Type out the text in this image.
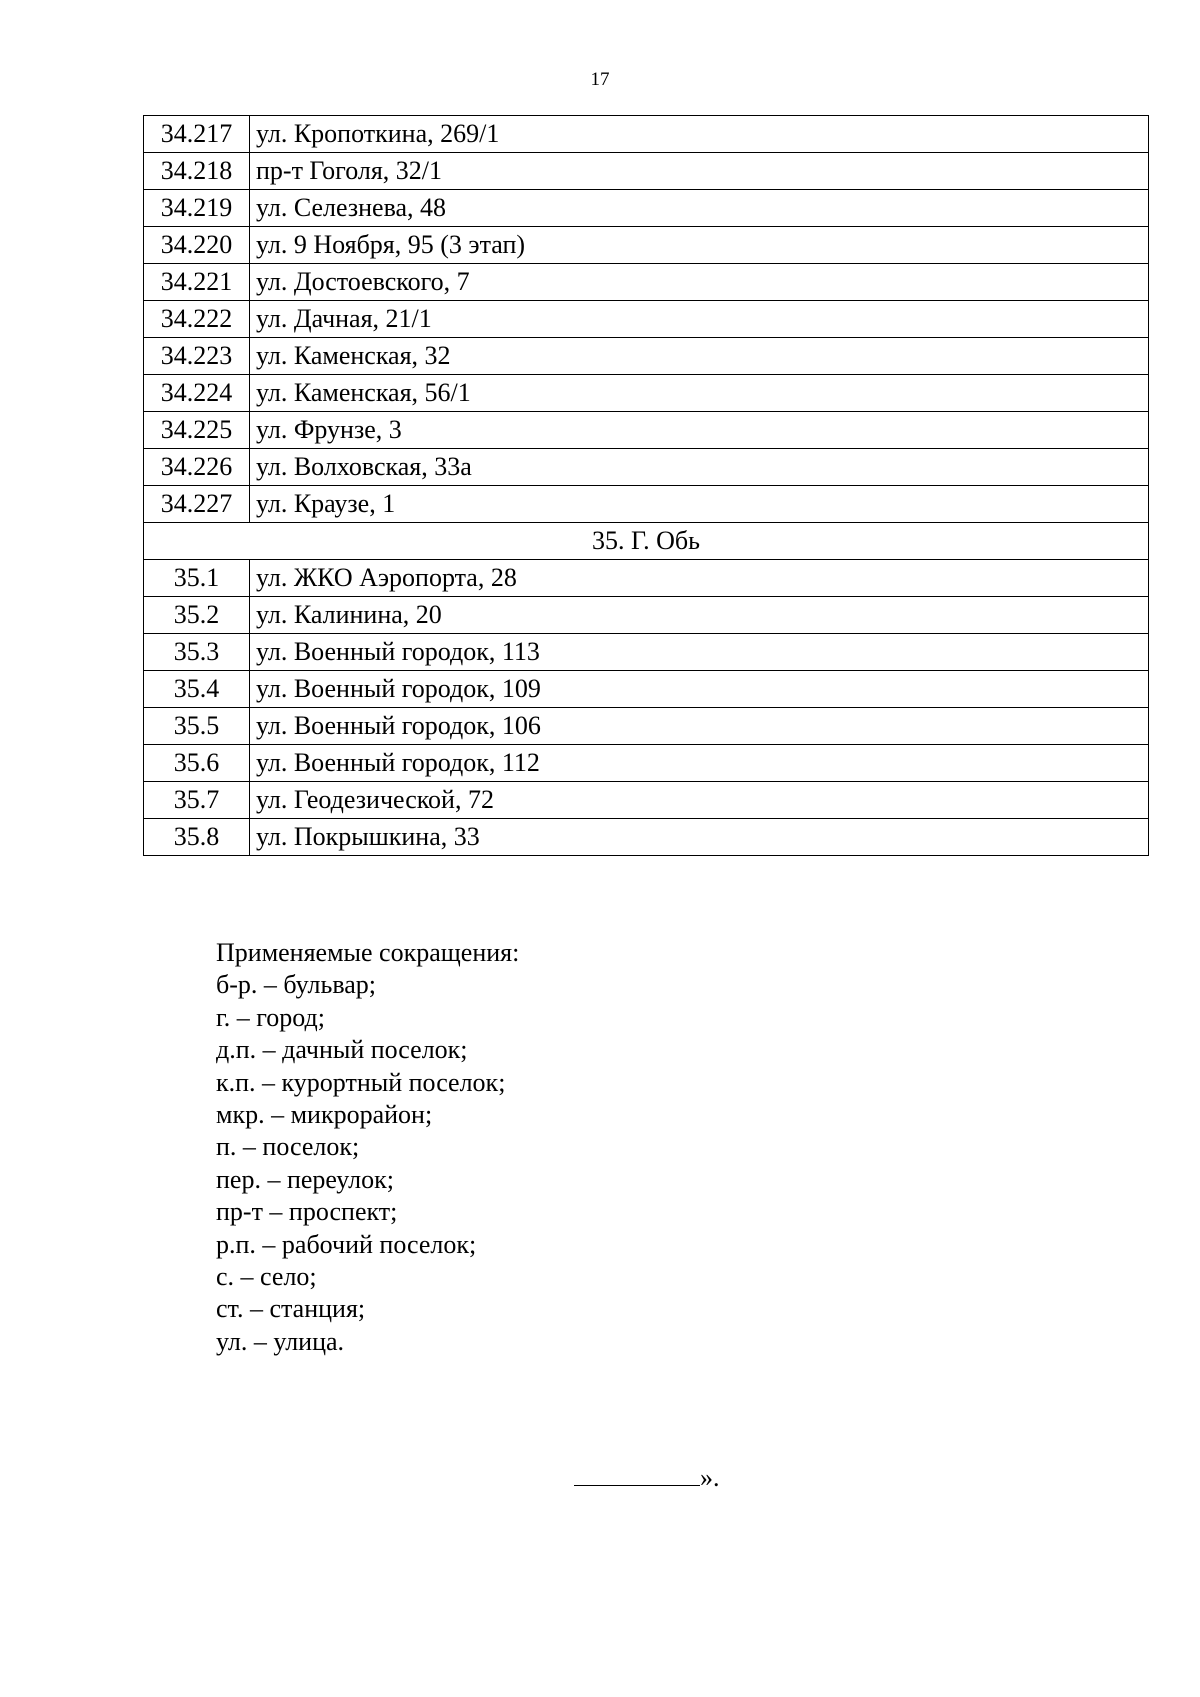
17
34.217	ул. Кропоткина, 269/1
34.218	пр-т Гоголя, 32/1
34.219	ул. Селезнева, 48
34.220	ул. 9 Ноября, 95 (3 этап)
34.221	ул. Достоевского, 7
34.222	ул. Дачная, 21/1
34.223	ул. Каменская, 32
34.224	ул. Каменская, 56/1
34.225	ул. Фрунзе, 3
34.226	ул. Волховская, 33а
34.227	ул. Краузе, 1
35. Г. Обь	
35.1	ул. ЖКО Аэропорта, 28
35.2	ул. Калинина, 20
35.3	ул. Военный городок, 113
35.4	ул. Военный городок, 109
35.5	ул. Военный городок, 106
35.6	ул. Военный городок, 112
35.7	ул. Геодезической, 72
35.8	ул. Покрышкина, 33
Применяемые сокращения:
б-р. – бульвар;
г. – город;
д.п. – дачный поселок;
к.п. – курортный поселок;
мкр. – микрорайон;
п. – поселок;
пер. – переулок;
пр-т – проспект;
р.п. – рабочий поселок;
с. – село;
ст. – станция;
ул. – улица.
».
